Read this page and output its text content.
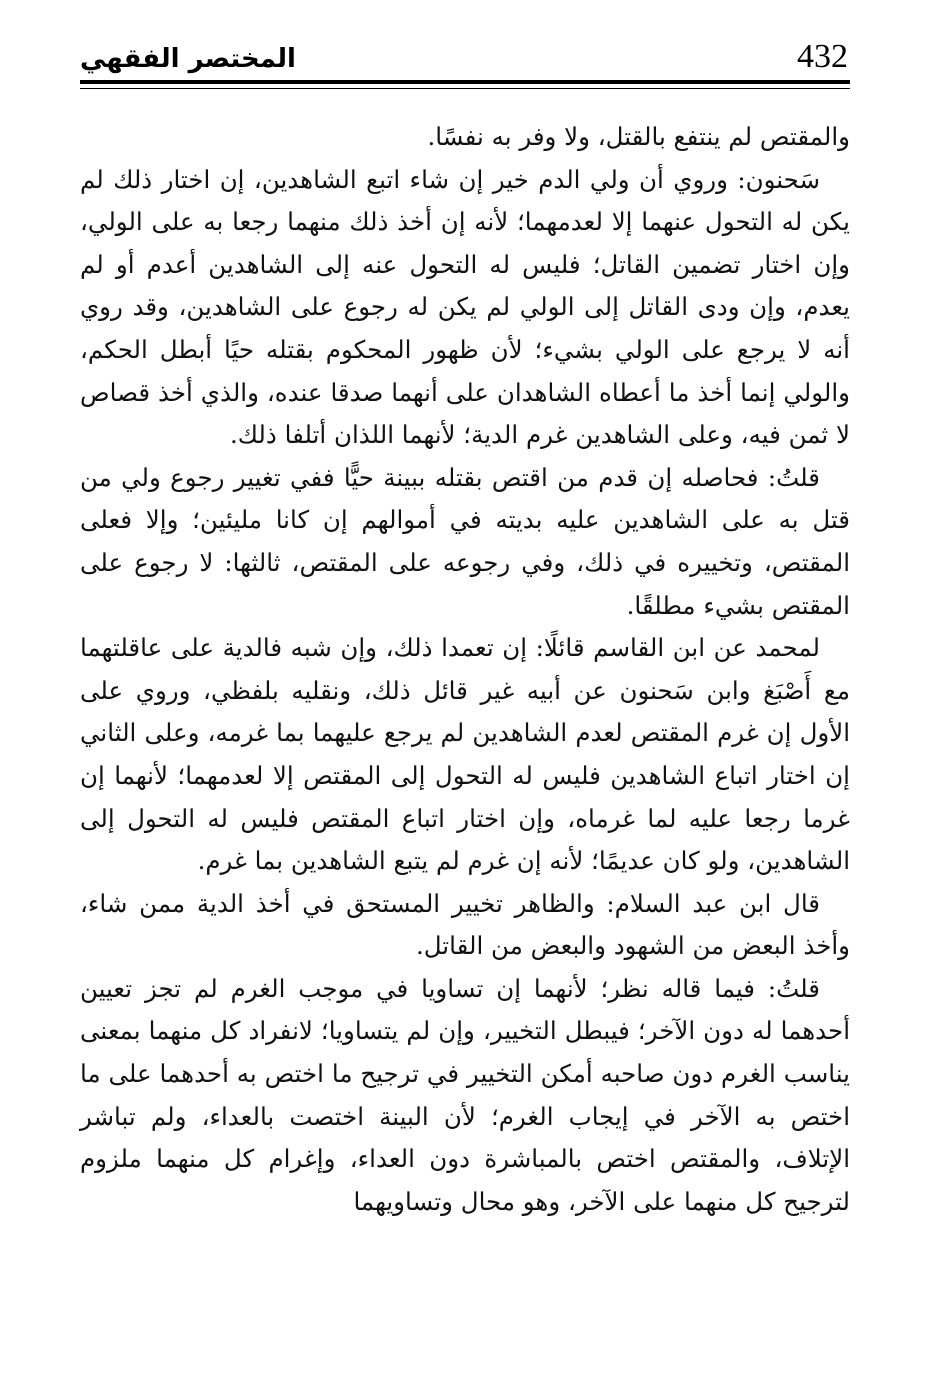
المختصر الفقهي	432

والمقتص لم ينتفع بالقتل، ولا وفر به نفسًا.

سَحنون: وروي أن ولي الدم خير إن شاء اتبع الشاهدين، إن اختار ذلك لم يكن له التحول عنهما إلا لعدمهما؛ لأنه إن أخذ ذلك منهما رجعا به على الولي، وإن اختار تضمين القاتل؛ فليس له التحول عنه إلى الشاهدين أعدم أو لم يعدم، وإن ودى القاتل إلى الولي لم يكن له رجوع على الشاهدين، وقد روي أنه لا يرجع على الولي بشيء؛ لأن ظهور المحكوم بقتله حيًا أبطل الحكم، والولي إنما أخذ ما أعطاه الشاهدان على أنهما صدقا عنده، والذي أخذ قصاص لا ثمن فيه، وعلى الشاهدين غرم الدية؛ لأنهما اللذان أتلفا ذلك.

قلتُ: فحاصله إن قدم من اقتص بقتله ببينة حيًّا ففي تغيير رجوع ولي من قتل به على الشاهدين عليه بديته في أموالهم إن كانا مليئين؛ وإلا فعلى المقتص، وتخييره في ذلك، وفي رجوعه على المقتص، ثالثها: لا رجوع على المقتص بشيء مطلقًا.

لمحمد عن ابن القاسم قائلًا: إن تعمدا ذلك، وإن شبه فالدية على عاقلتهما مع أَصْبَغ وابن سَحنون عن أبيه غير قائل ذلك، ونقليه بلفظي، وروي على الأول إن غرم المقتص لعدم الشاهدين لم يرجع عليهما بما غرمه، وعلى الثاني إن اختار اتباع الشاهدين فليس له التحول إلى المقتص إلا لعدمهما؛ لأنهما إن غرما رجعا عليه لما غرماه، وإن اختار اتباع المقتص فليس له التحول إلى الشاهدين، ولو كان عديمًا؛ لأنه إن غرم لم يتبع الشاهدين بما غرم.

قال ابن عبد السلام: والظاهر تخيير المستحق في أخذ الدية ممن شاء، وأخذ البعض من الشهود والبعض من القاتل.

قلتُ: فيما قاله نظر؛ لأنهما إن تساويا في موجب الغرم لم تجز تعيين أحدهما له دون الآخر؛ فيبطل التخيير، وإن لم يتساويا؛ لانفراد كل منهما بمعنى يناسب الغرم دون صاحبه أمكن التخيير في ترجيح ما اختص به أحدهما على ما اختص به الآخر في إيجاب الغرم؛ لأن البينة اختصت بالعداء، ولم تباشر الإتلاف، والمقتص اختص بالمباشرة دون العداء، وإغرام كل منهما ملزوم لترجيح كل منهما على الآخر، وهو محال وتساويهما
